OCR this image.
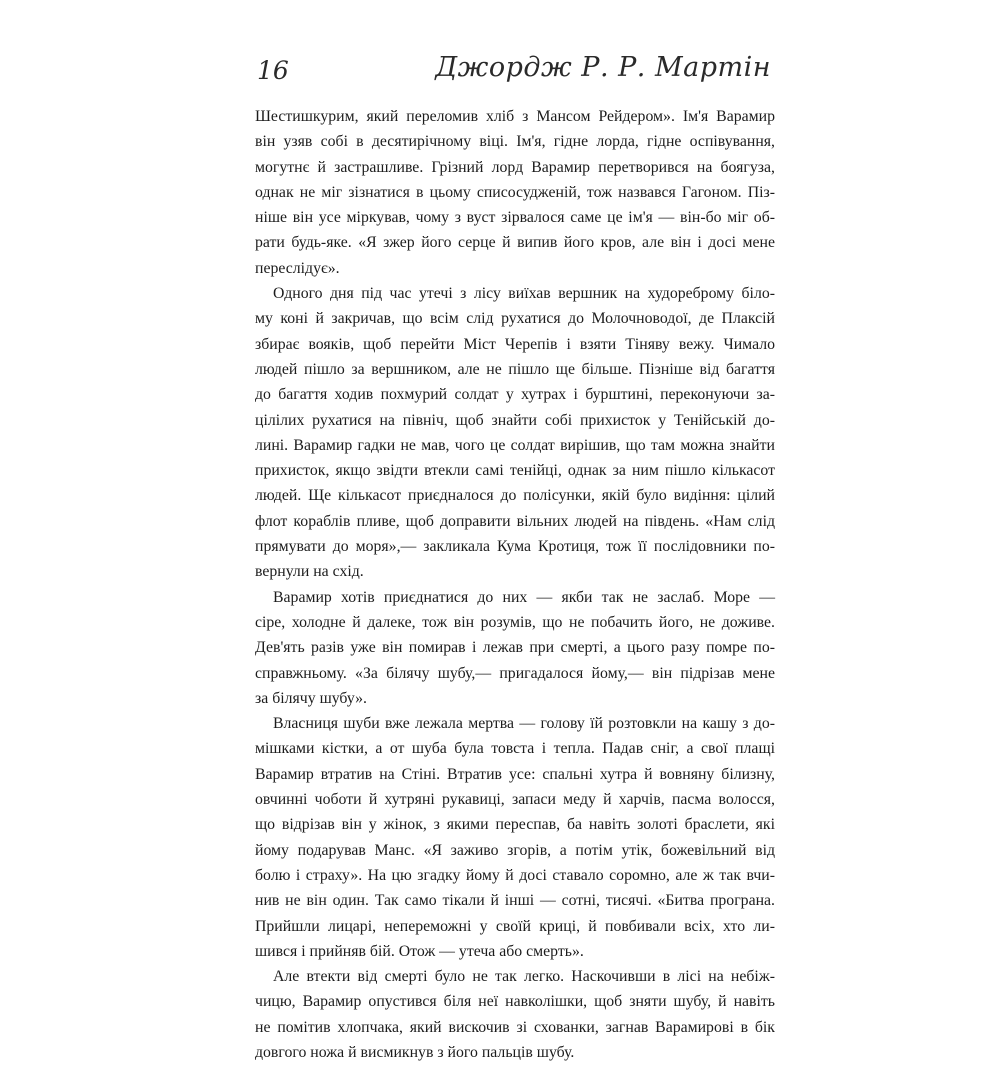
16	Джордж Р. Р. Мартін
Шестишкурим, який переломив хліб з Мансом Рейдером». Ім'я Варамир
він узяв собі в десятирічному віці. Ім'я, гідне лорда, гідне оспівування,
могутнє й застрашливе. Грізний лорд Варамир перетворився на боягуза,
однак не міг зізнатися в цьому списосудженій, тож назвався Гагоном. Піз-
ніше він усе міркував, чому з вуст зірвалося саме це ім'я — він-бо міг об-
рати будь-яке. «Я зжер його серце й випив його кров, але він і досі мене
переслідує».
Одного дня під час утечі з лісу виїхав вершник на худореброму біло-
му коні й закричав, що всім слід рухатися до Молочноводої, де Плаксій
збирає вояків, щоб перейти Міст Черепів і взяти Тіняву вежу. Чимало
людей пішло за вершником, але не пішло ще більше. Пізніше від багаття
до багаття ходив похмурий солдат у хутрах і бурштині, переконуючи за-
цілілих рухатися на північ, щоб знайти собі прихисток у Тенійській до-
лині. Варамир гадки не мав, чого це солдат вирішив, що там можна знайти
прихисток, якщо звідти втекли самі тенійці, однак за ним пішло кількасот
людей. Ще кількасот приєдналося до полісунки, якій було видіння: цілий
флот кораблів пливе, щоб доправити вільних людей на південь. «Нам слід
прямувати до моря»,— закликала Кума Кротиця, тож її послідовники по-
вернули на схід.
Варамир хотів приєднатися до них — якби так не заслаб. Море —
сіре, холодне й далеке, тож він розумів, що не побачить його, не доживе.
Дев'ять разів уже він помирав і лежав при смерті, а цього разу помре по-
справжньому. «За білячу шубу,— пригадалося йому,— він підрізав мене
за білячу шубу».
Власниця шуби вже лежала мертва — голову їй розтовкли на кашу з до-
мішками кістки, а от шуба була товста і тепла. Падав сніг, а свої плащі
Варамир втратив на Стіні. Втратив усе: спальні хутра й вовняну білизну,
овчинні чоботи й хутряні рукавиці, запаси меду й харчів, пасма волосся,
що відрізав він у жінок, з якими переспав, ба навіть золоті браслети, які
йому подарував Манс. «Я заживо згорів, а потім утік, божевільний від
болю і страху». На цю згадку йому й досі ставало соромно, але ж так вчи-
нив не він один. Так само тікали й інші — сотні, тисячі. «Битва програна.
Прийшли лицарі, непереможні у своїй криці, й повбивали всіх, хто ли-
шився і прийняв бій. Отож — утеча або смерть».
Але втекти від смерті було не так легко. Наскочивши в лісі на небіж-
чицю, Варамир опустився біля неї навколішки, щоб зняти шубу, й навіть
не помітив хлопчака, який вискочив зі схованки, загнав Варамирові в бік
довгого ножа й висмикнув з його пальців шубу.
